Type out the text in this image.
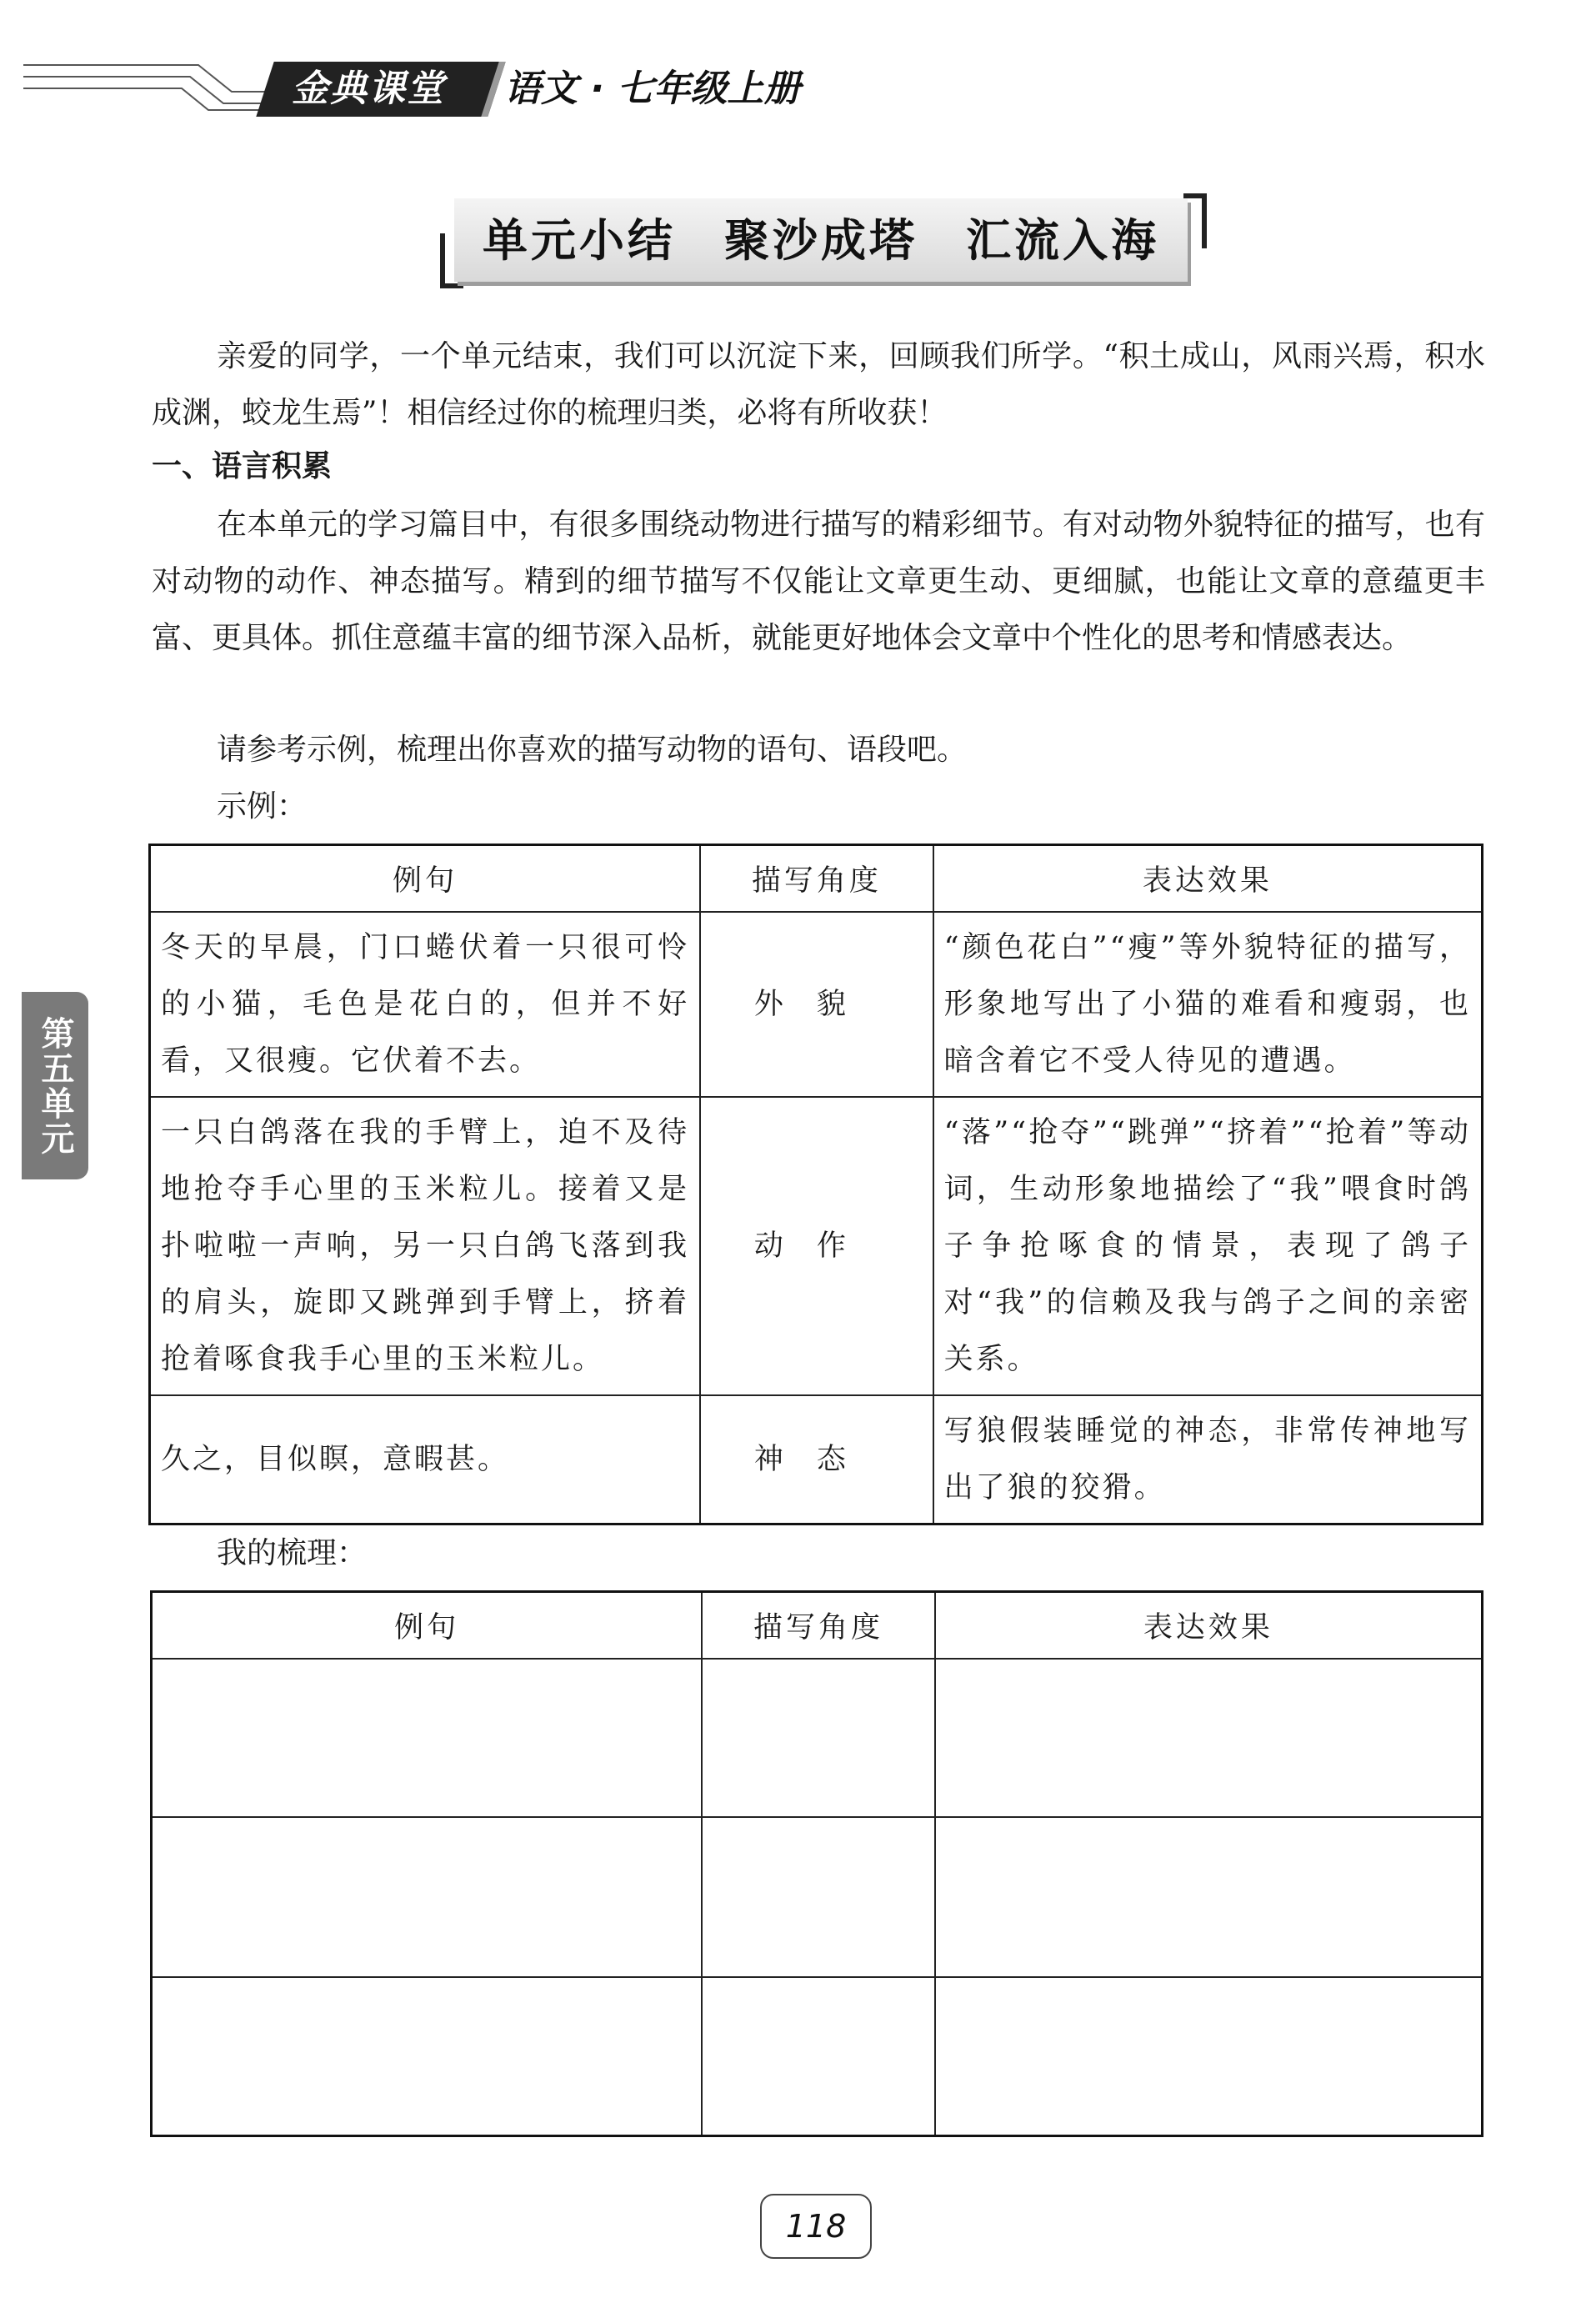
金典课堂	语文 · 七年级上册
单元小结　聚沙成塔　汇流入海

亲爱的同学，一个单元结束，我们可以沉淀下来，回顾我们所学。“积土成山，风雨兴焉，积水成渊，蛟龙生焉”！相信经过你的梳理归类，必将有所收获！

一、语言积累

在本单元的学习篇目中，有很多围绕动物进行描写的精彩细节。有对动物外貌特征的描写，也有对动物的动作、神态描写。精到的细节描写不仅能让文章更生动、更细腻，也能让文章的意蕴更丰富、更具体。抓住意蕴丰富的细节深入品析，就能更好地体会文章中个性化的思考和情感表达。

请参考示例，梳理出你喜欢的描写动物的语句、语段吧。

示例：

例句	描写角度	表达效果
冬天的早晨，门口蜷伏着一只很可怜的小猫，毛色是花白的，但并不好看，又很瘦。它伏着不去。	外貌	“颜色花白”“瘦”等外貌特征的描写，形象地写出了小猫的难看和瘦弱，也暗含着它不受人待见的遭遇。
一只白鸽落在我的手臂上，迫不及待地抢夺手心里的玉米粒儿。接着又是扑啦啦一声响，另一只白鸽飞落到我的肩头，旋即又跳弹到手臂上，挤着抢着啄食我手心里的玉米粒儿。	动作	“落”“抢夺”“跳弹”“挤着”“抢着”等动词，生动形象地描绘了“我”喂食时鸽子争抢啄食的情景，表现了鸽子对“我”的信赖及我与鸽子之间的亲密关系。
久之，目似瞑，意暇甚。	神态	写狼假装睡觉的神态，非常传神地写出了狼的狡猾。

我的梳理：

例句	描写角度	表达效果

第五单元
118
